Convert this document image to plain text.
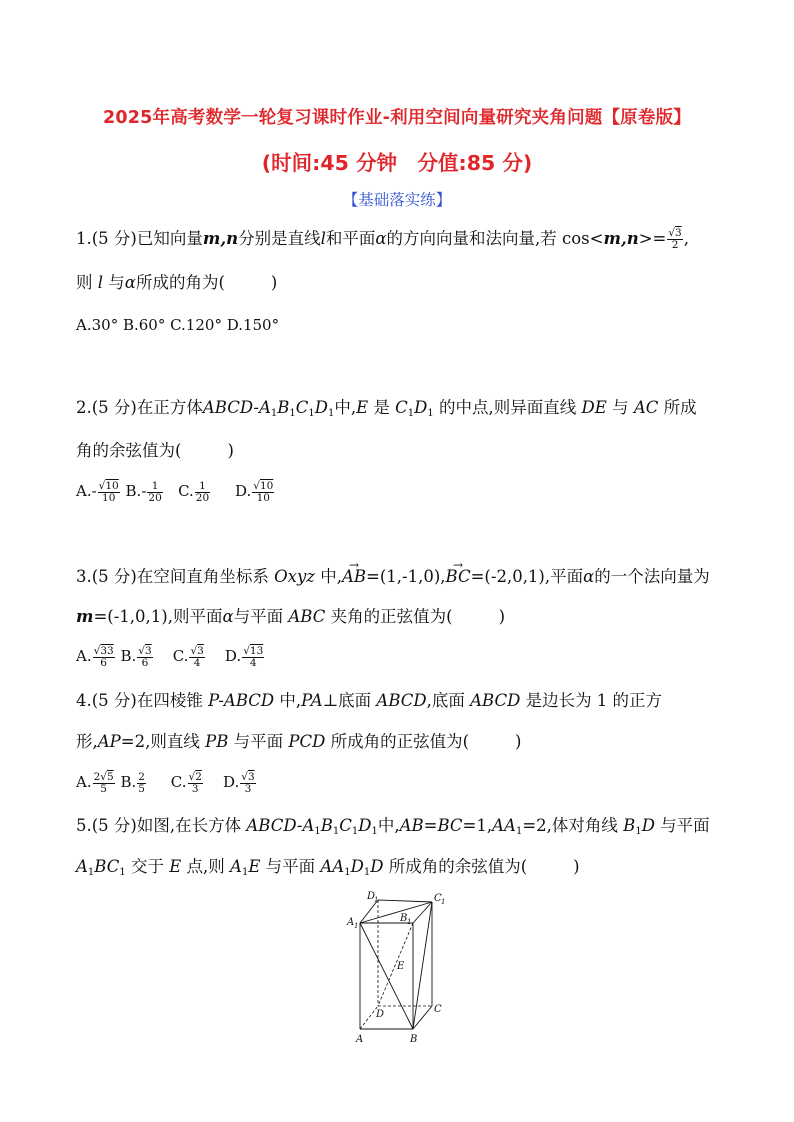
2025年高考数学一轮复习课时作业-利用空间向量研究夹角问题【原卷版】
(时间:45 分钟　分值:85 分)
【基础落实练】
1.(5 分)已知向量m,n分别是直线l和平面α的方向向量和法向量,若 $\cos<m,n>= \frac{√3}{2}$ ,
则 l 与α所成的角为(	)
A.30° B.60° C.120° D.150°
2.(5 分)在正方体ABCD-$A_1B_1C_1D_1$中,E 是 $C_1D_1$ 的中点,则异面直线 DE 与 AC 所成
角的余弦值为(	)
$A.- \frac{√10}{10} B.- \frac{1}{20} C$. $\frac{1}{20} D$. $\frac{√10}{10}$
3.(5 分)在空间直角坐标系 Oxyz 中,→ AB=(1,-1,0),→ BC=(-2,0,1),平面α的一个法向量为
m=(-1,0,1),则平面α与平面 ABC 夹角的正弦值为(	)
A. $\frac{√33}{6} B$. $\frac{√3}{6} C$. $\frac{√3}{4} D$. $\frac{√13}{4}$
4.(5 分)在四棱锥 P-ABCD 中,PA⊥底面 ABCD,底面 ABCD 是边长为 1 的正方
形,AP=2,则直线 PB 与平面 PCD 所成角的正弦值为(	)
A. $\frac{2√5}{5} B$. $\frac{2}{5} C$. $\frac{√2}{3} D$. $\frac{√3}{3}$
5.(5 分)如图,在长方体 ABCD-$A_1B_1C_1D_1$中$,AB=BC=1,AA_1=2$,体对角线 $B_1D$ 与平面
$A_1BC_1$ 交于 E 点,则 $A_1E$ 与平面 $AA_1D_1D$ 所成角的余弦值为(	)
D
1	C 1
A 1
B 1
E
D	C
A	B
